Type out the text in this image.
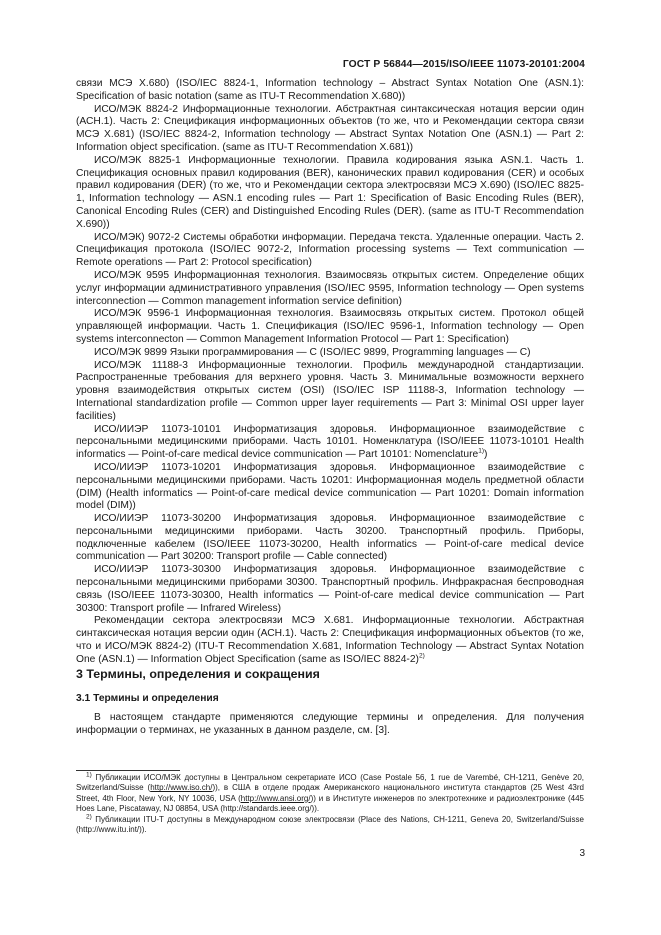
ГОСТ Р 56844—2015/ISO/IEEE 11073-20101:2004

связи МСЭ X.680) (ISO/IEC 8824-1, Information technology – Abstract Syntax Notation One (ASN.1): Specification of basic notation (same as ITU-T Recommendation X.680))

ИСО/МЭК 8824-2 Информационные технологии. Абстрактная синтаксическая нотация версии один (АСН.1). Часть 2: Спецификация информационных объектов (то же, что и Рекомендации сектора связи МСЭ X.681) (ISO/IEC 8824-2, Information technology — Abstract Syntax Notation One (ASN.1) — Part 2: Information object specification. (same as ITU-T Recommendation X.681))

ИСО/МЭК 8825-1 Информационные технологии. Правила кодирования языка ASN.1. Часть 1. Спецификация основных правил кодирования (BER), канонических правил кодирования (CER) и особых правил кодирования (DER) (то же, что и Рекомендации сектора электросвязи МСЭ X.690) (ISO/IEC 8825-1, Information technology — ASN.1 encoding rules — Part 1: Specification of Basic Encoding Rules (BER), Canonical Encoding Rules (CER) and Distinguished Encoding Rules (DER). (same as ITU-T Recommendation X.690))

ИСО/МЭК) 9072-2 Системы обработки информации. Передача текста. Удаленные операции. Часть 2. Спецификация протокола (ISO/IEC 9072-2, Information processing systems — Text communication — Remote operations — Part 2: Protocol specification)

ИСО/МЭК 9595 Информационная технология. Взаимосвязь открытых систем. Определение общих услуг информации административного управления (ISO/IEC 9595, Information technology — Open systems interconnection — Common management information service definition)

ИСО/МЭК 9596-1 Информационная технология. Взаимосвязь открытых систем. Протокол общей управляющей информации. Часть 1. Спецификация (ISO/IEC 9596-1, Information technology — Open systems interconnecton — Common Management Information Protocol — Part 1: Specification)

ИСО/МЭК 9899 Языки программирования — С (ISO/IEC 9899, Programming languages — C)

ИСО/МЭК 11188-3 Информационные технологии. Профиль международной стандартизации. Распространенные требования для верхнего уровня. Часть 3. Минимальные возможности верхнего уровня взаимодействия открытых систем (OSI) (ISO/IEC ISP 11188-3, Information technology — International standardization profile — Common upper layer requirements — Part 3: Minimal OSI upper layer facilities)

ИСО/ИИЭР 11073-10101 Информатизация здоровья. Информационное взаимодействие с персональными медицинскими приборами. Часть 10101. Номенклатура (ISO/IEEE 11073-10101 Health informatics — Point-of-care medical device communication — Part 10101: Nomenclature$^{1)}$)

ИСО/ИИЭР 11073-10201 Информатизация здоровья. Информационное взаимодействие с персональными медицинскими приборами. Часть 10201: Информационная модель предметной области (DIM) (Health informatics — Point-of-care medical device communication — Part 10201: Domain information model (DIM))

ИСО/ИИЭР 11073-30200 Информатизация здоровья. Информационное взаимодействие с персональными медицинскими приборами. Часть 30200. Транспортный профиль. Приборы, подключенные кабелем (ISO/IEEE 11073-30200, Health informatics — Point-of-care medical device communication — Part 30200: Transport profile — Cable connected)

ИСО/ИИЭР 11073-30300 Информатизация здоровья. Информационное взаимодействие с персональными медицинскими приборами 30300. Транспортный профиль. Инфракрасная беспроводная связь (ISO/IEEE 11073-30300, Health informatics — Point-of-care medical device communication — Part 30300: Transport profile — Infrared Wireless)

Рекомендации сектора электросвязи МСЭ X.681. Информационные технологии. Абстрактная синтаксическая нотация версии один (АСН.1). Часть 2: Спецификация информационных объектов (то же, что и ИСО/МЭК 8824-2) (ITU-T Recommendation X.681, Information Technology — Abstract Syntax Notation One (ASN.1) — Information Object Specification (same as ISO/IEC 8824-2)$^{2)}$

3 Термины, определения и сокращения
3.1 Термины и определения

В настоящем стандарте применяются следующие термины и определения. Для получения информации о терминах, не указанных в данном разделе, см. [3].

$^{1)}$ Публикации ИСО/МЭК доступны в Центральном секретариате ИСО (Case Postale 56, 1 rue de Varembé, CH-1211, Genève 20, Switzerland/Suisse (http://www.iso.ch/)), в США в отделе продаж Американского национального института стандартов (25 West 43rd Street, 4th Floor, New York, NY 10036, USA (http://www.ansi.org/)) и в Институте инженеров по электротехнике и радиоэлектронике (445 Hoes Lane, Piscataway, NJ 08854, USA (http://standards.ieee.org/)).

$^{2)}$ Публикации ITU-T доступны в Международном союзе электросвязи (Place des Nations, CH-1211, Geneva 20, Switzerland/Suisse (http://www.itu.int/)).

3
